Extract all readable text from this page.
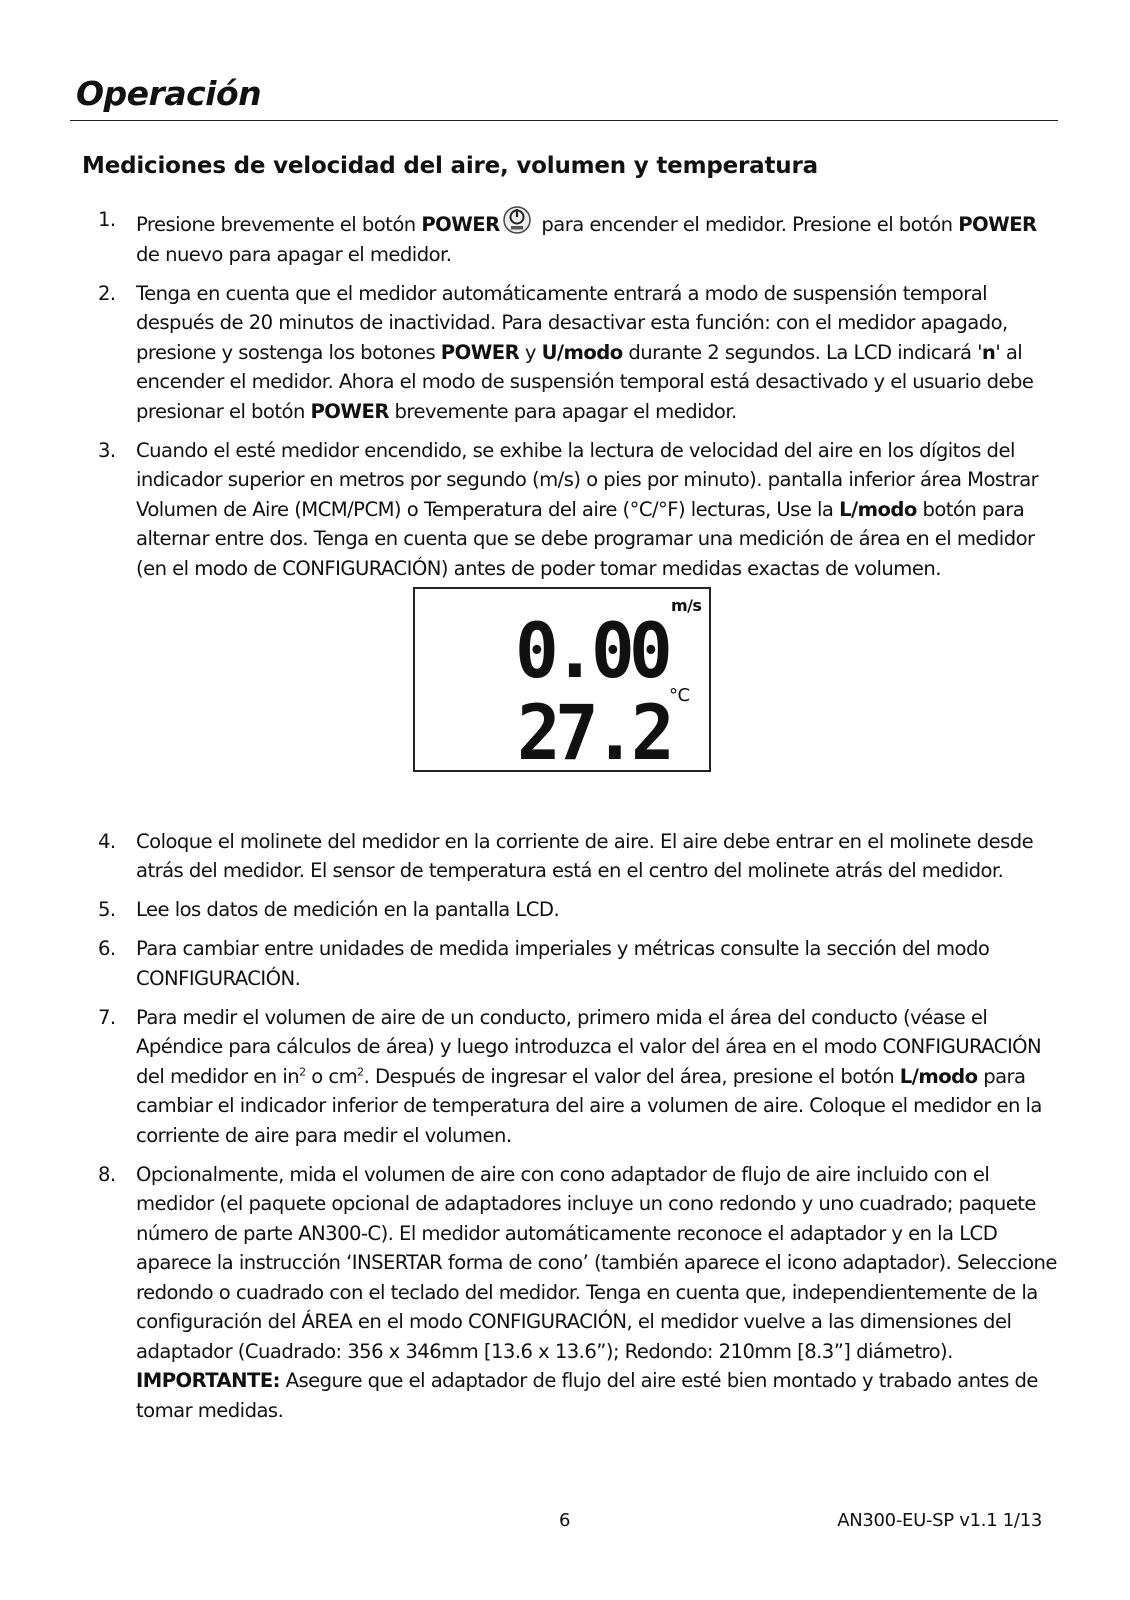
Operación
Mediciones de velocidad del aire, volumen y temperatura
1.	Presione brevemente el botón POWER para encender el medidor. Presione el botón POWER de nuevo para apagar el medidor.
2.	Tenga en cuenta que el medidor automáticamente entrará a modo de suspensión temporal después de 20 minutos de inactividad. Para desactivar esta función: con el medidor apagado, presione y sostenga los botones POWER y U/modo durante 2 segundos. La LCD indicará 'n' al encender el medidor. Ahora el modo de suspensión temporal está desactivado y el usuario debe presionar el botón POWER brevemente para apagar el medidor.
3.	Cuando el esté medidor encendido, se exhibe la lectura de velocidad del aire en los dígitos del indicador superior en metros por segundo (m/s) o pies por minuto). pantalla inferior área Mostrar Volumen de Aire (MCM/PCM) o Temperatura del aire (°C/°F) lecturas, Use la L/modo botón para alternar entre dos. Tenga en cuenta que se debe programar una medición de área en el medidor (en el modo de CONFIGURACIÓN) antes de poder tomar medidas exactas de volumen.
m/s
0.00
27.2 °C
4.	Coloque el molinete del medidor en la corriente de aire. El aire debe entrar en el molinete desde atrás del medidor. El sensor de temperatura está en el centro del molinete atrás del medidor.
5.	Lee los datos de medición en la pantalla LCD.
6.	Para cambiar entre unidades de medida imperiales y métricas consulte la sección del modo CONFIGURACIÓN.
7.	Para medir el volumen de aire de un conducto, primero mida el área del conducto (véase el Apéndice para cálculos de área) y luego introduzca el valor del área en el modo CONFIGURACIÓN del medidor en $in^2$ o $cm^2$. Después de ingresar el valor del área, presione el botón L/modo para cambiar el indicador inferior de temperatura del aire a volumen de aire. Coloque el medidor en la corriente de aire para medir el volumen.
8.	Opcionalmente, mida el volumen de aire con cono adaptador de flujo de aire incluido con el medidor (el paquete opcional de adaptadores incluye un cono redondo y uno cuadrado; paquete número de parte AN300-C). El medidor automáticamente reconoce el adaptador y en la LCD aparece la instrucción ‘INSERTAR forma de cono’ (también aparece el icono adaptador). Seleccione redondo o cuadrado con el teclado del medidor. Tenga en cuenta que, independientemente de la configuración del ÁREA en el modo CONFIGURACIÓN, el medidor vuelve a las dimensiones del adaptador (Cuadrado: 356 x 346mm [13.6 x 13.6”); Redondo: 210mm [8.3”] diámetro). IMPORTANTE: Asegure que el adaptador de flujo del aire esté bien montado y trabado antes de tomar medidas.
6	AN300-EU-SP v1.1 1/13
